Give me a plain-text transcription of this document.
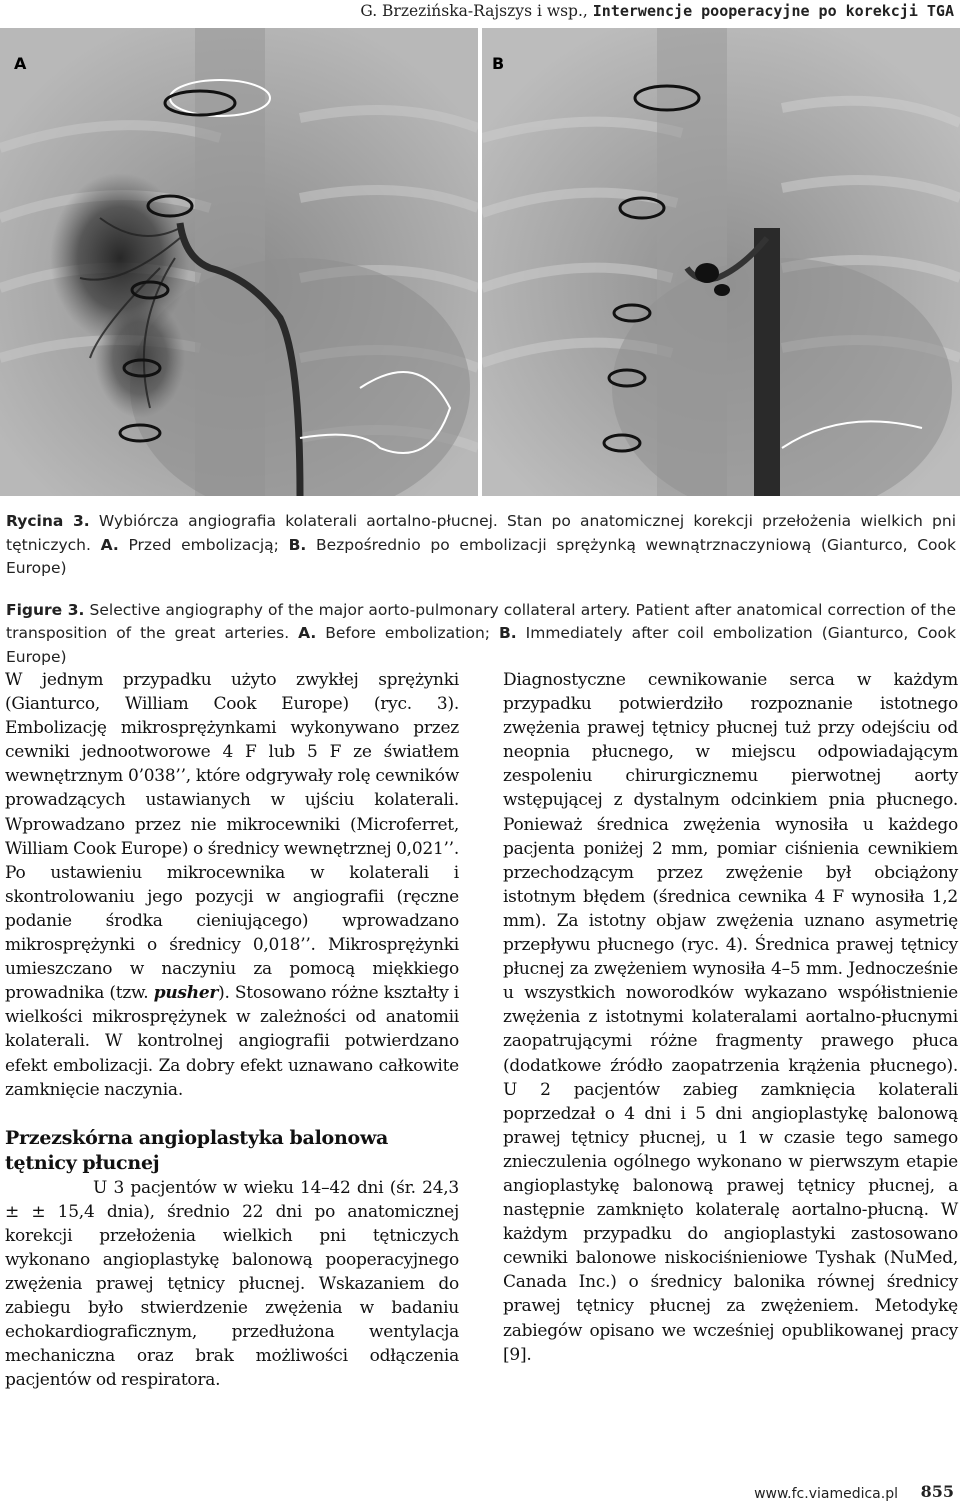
G. Brzezińska-Rajszys i wsp., Interwencje pooperacyjne po korekcji TGA
A	B

Rycina 3. Wybiórcza angiografia kolaterali aortalno-płucnej. Stan po anatomicznej korekcji przełożenia wielkich pni tętniczych. A. Przed embolizacją; B. Bezpośrednio po embolizacji sprężynką wewnątrznaczyniową (Gianturco, Cook Europe)

Figure 3. Selective angiography of the major aorto-pulmonary collateral artery. Patient after anatomical correction of the transposition of the great arteries. A. Before embolization; B. Immediately after coil embolization (Gianturco, Cook Europe)

W jednym przypadku użyto zwykłej sprężynki (Gianturco, William Cook Europe) (ryc. 3). Embolizację mikrosprężynkami wykonywano przez cewniki jednootworowe 4 F lub 5 F ze światłem wewnętrznym 0’038’’, które odgrywały rolę cewników prowadzących ustawianych w ujściu kolaterali. Wprowadzano przez nie mikrocewniki (Microferret, William Cook Europe) o średnicy wewnętrznej 0,021’’. Po ustawieniu mikrocewnika w kolaterali i skontrolowaniu jego pozycji w angiografii (ręczne podanie środka cieniującego) wprowadzano mikrosprężynki o średnicy 0,018’’. Mikrosprężynki umieszczano w naczyniu za pomocą miękkiego prowadnika (tzw. pusher). Stosowano różne kształty i wielkości mikrosprężynek w zależności od anatomii kolaterali. W kontrolnej angiografii potwierdzano efekt embolizacji. Za dobry efekt uznawano całkowite zamknięcie naczynia.

Przezskórna angioplastyka balonowa tętnicy płucnej

U 3 pacjentów w wieku 14–42 dni (śr. 24,3 ± ± 15,4 dnia), średnio 22 dni po anatomicznej korekcji przełożenia wielkich pni tętniczych wykonano angioplastykę balonową pooperacyjnego zwężenia prawej tętnicy płucnej. Wskazaniem do zabiegu było stwierdzenie zwężenia w badaniu echokardiograficznym, przedłużona wentylacja mechaniczna oraz brak możliwości odłączenia pacjentów od respiratora.

Diagnostyczne cewnikowanie serca w każdym przypadku potwierdziło rozpoznanie istotnego zwężenia prawej tętnicy płucnej tuż przy odejściu od neopnia płucnego, w miejscu odpowiadającym zespoleniu chirurgicznemu pierwotnej aorty wstępującej z dystalnym odcinkiem pnia płucnego. Ponieważ średnica zwężenia wynosiła u każdego pacjenta poniżej 2 mm, pomiar ciśnienia cewnikiem przechodzącym przez zwężenie był obciążony istotnym błędem (średnica cewnika 4 F wynosiła 1,2 mm). Za istotny objaw zwężenia uznano asymetrię przepływu płucnego (ryc. 4). Średnica prawej tętnicy płucnej za zwężeniem wynosiła 4–5 mm. Jednocześnie u wszystkich noworodków wykazano współistnienie zwężenia z istotnymi kolateralami aortalno-płucnymi zaopatrującymi różne fragmenty prawego płuca (dodatkowe źródło zaopatrzenia krążenia płucnego). U 2 pacjentów zabieg zamknięcia kolaterali poprzedzał o 4 dni i 5 dni angioplastykę balonową prawej tętnicy płucnej, u 1 w czasie tego samego znieczulenia ogólnego wykonano w pierwszym etapie angioplastykę balonową prawej tętnicy płucnej, a następnie zamknięto kolateralę aortalno-płucną. W każdym przypadku do angioplastyki zastosowano cewniki balonowe niskociśnieniowe Tyshak (NuMed, Canada Inc.) o średnicy balonika równej średnicy prawej tętnicy płucnej za zwężeniem. Metodykę zabiegów opisano we wcześniej opublikowanej pracy [9].

www.fc.viamedica.pl 855
